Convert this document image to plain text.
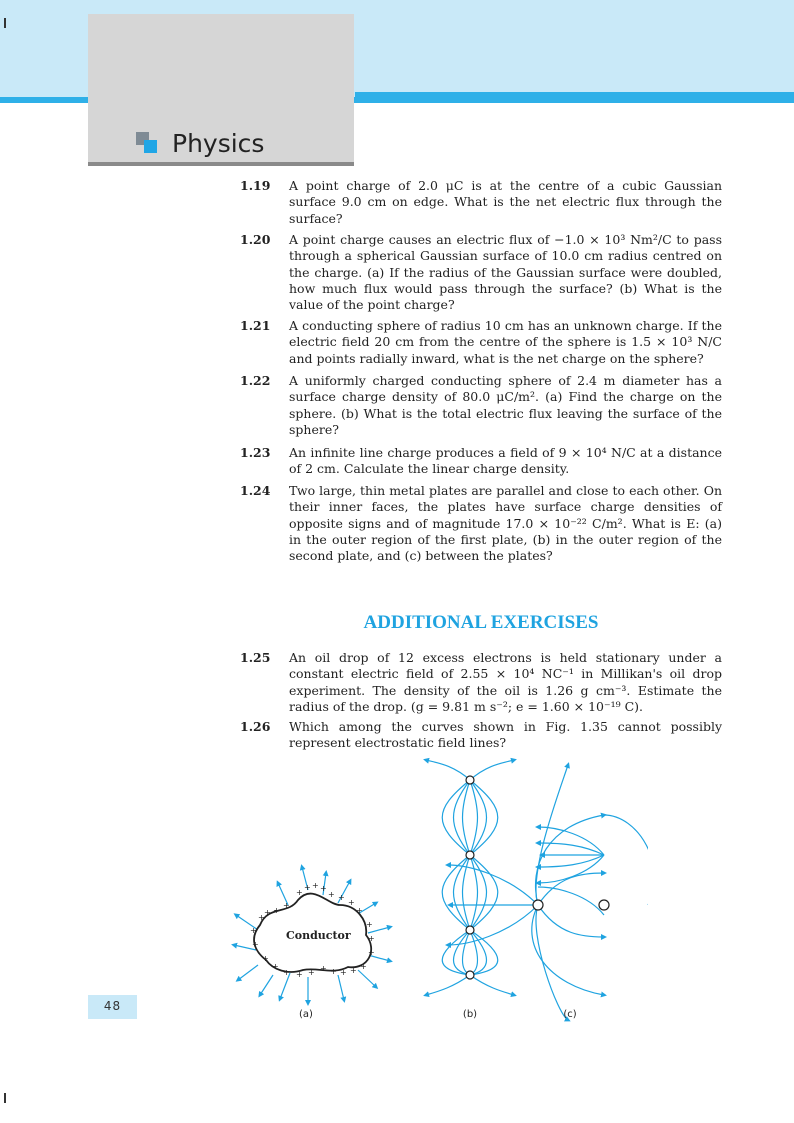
Physics
1.19	A point charge of 2.0 μC is at the centre of a cubic Gaussian surface 9.0 cm on edge. What is the net electric flux through the surface?
1.20	A point charge causes an electric flux of −1.0 × 10³ Nm²/C to pass through a spherical Gaussian surface of 10.0 cm radius centred on the charge. (a) If the radius of the Gaussian surface were doubled, how much flux would pass through the surface? (b) What is the value of the point charge?
1.21	A conducting sphere of radius 10 cm has an unknown charge. If the electric field 20 cm from the centre of the sphere is 1.5 × 10³ N/C and points radially inward, what is the net charge on the sphere?
1.22	A uniformly charged conducting sphere of 2.4 m diameter has a surface charge density of 80.0 μC/m². (a) Find the charge on the sphere. (b) What is the total electric flux leaving the surface of the sphere?
1.23	An infinite line charge produces a field of 9 × 10⁴ N/C at a distance of 2 cm. Calculate the linear charge density.
1.24	Two large, thin metal plates are parallel and close to each other. On their inner faces, the plates have surface charge densities of opposite signs and of magnitude 17.0 × 10⁻²² C/m². What is E: (a) in the outer region of the first plate, (b) in the outer region of the second plate, and (c) between the plates?
ADDITIONAL EXERCISES
1.25	An oil drop of 12 excess electrons is held stationary under a constant electric field of 2.55 × 10⁴ NC⁻¹ in Millikan's oil drop experiment. The density of the oil is 1.26 g cm⁻³. Estimate the radius of the drop. (g = 9.81 m s⁻²; e = 1.60 × 10⁻¹⁹ C).
1.26	Which among the curves shown in Fig. 1.35 cannot possibly represent electrostatic field lines?
Conductor
+
+ +
+
+
+ + +
+ +
+
+
+
+
+
+
+
+
+
+
+
+
+
+
+
+
+
(a)	(b)	(c)
48
